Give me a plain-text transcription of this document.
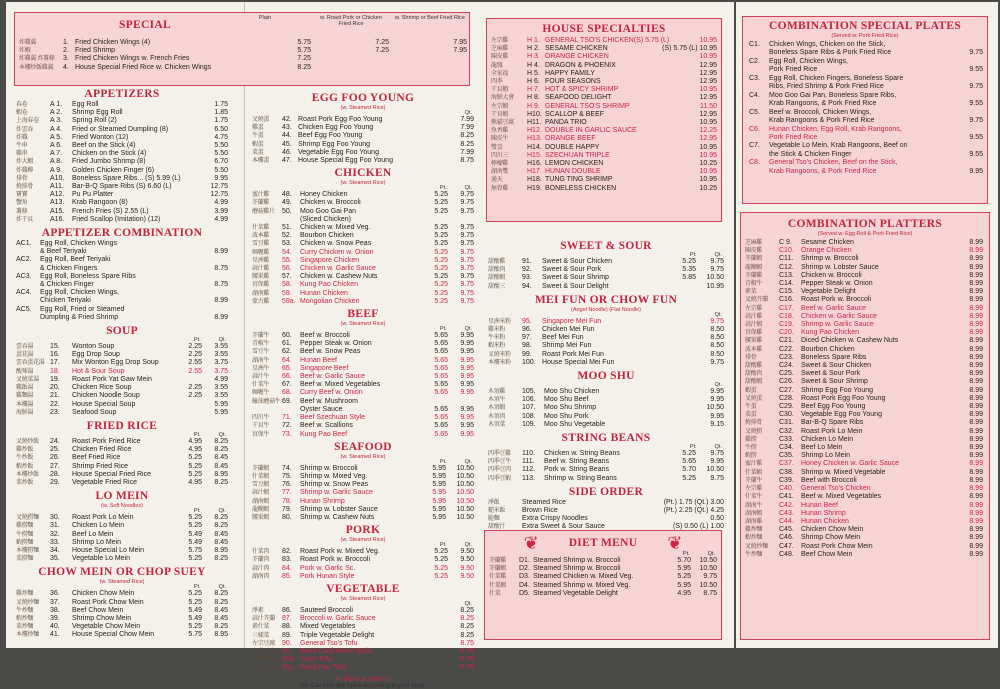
SPECIAL
Plain	w. Roast Pork or Chicken Fried Rice
w. Shrimp or Beef Fried Rice
炸雞翼	1. Fried Chicken Wings (4)	5.75	7.25	7.95
炸蝦	2. Fried Shrimp	5.75	7.25	7.95
炸雞翼 炸薯條	3. Fried Chicken Wings w. French Fries	7.25
本樓炒飯雞翼	4. House Special Fried Rice w. Chicken Wings	8.25
APPETIZERS
春卷	A 1.	Egg Roll	1.75
蝦卷	A 2.	Shrimp Egg Roll	1.85
上海春卷	A 3.	Spring Roll (2)	1.75
炸雲吞	A 4.	Fried or Steamed Dumpling (8)	6.50
炸雞	A 5.	Fried Wonton (12)	4.75
牛串	A 6.	Beef on the Stick (4)	5.50
雞串	A 7.	Chicken on the Stick (4)	5.50
炸大蝦	A 8.	Fried Jumbo Shrimp (8)	6.70
炸雞柳	A 9.	Golden Chicken Finger (6)	5.50
排骨	A10.	Boneless Spare Ribs... (S) 5.99 (L)	9.95
燒排骨	A11.	Bar-B-Q Spare Ribs (S) 6.60 (L)	12.75
寶寶	A12.	Pu Pu Platter	12.75
蟹角	A13.	Krab Rangoon (8)	4.99
薯條	A15.	French Fries (S) 2.55 (L)	3.99
炸干貝	A16.	Fried Scallop (Imitation) (12)	4.99
APPETIZER COMBINATION
AC1.	Egg Roll, Chicken Wings
& Beef Teriyaki	8.99
AC2.	Egg Roll, Beef Teriyaki
& Chicken Fingers	8.75
AC3.	Egg Roll, Boneless Spare Ribs
& Chicken Finger	8.75
AC4.	Egg Roll, Chicken Wings,
Chicken Teriyaki	8.99
AC5.	Egg Roll, Fried or Steamed
Dumpling & Fried Shrimp	8.99
SOUP
Pt.	Qt.
雲吞湯	15.	Wonton Soup	2.25	3.55
蛋花湯	16.	Egg Drop Soup	2.25	3.55
雲吞蛋花湯 17.	Mix Wonton Egg Drop Soup	2.55	3.75
酸辣湯	18.	Hot & Sour Soup	2.55	3.75
叉燒菜湯	19.	Roast Pork Yat Gaw Mein	4.99
雞飯湯	20.	Chicken Rice Soup	2.25	3.55
雞麵湯	21.	Chicken Noodle Soup	2.25	3.55
本樓湯	22.	House Special Soup	5.95
海鮮湯	23.	Seafood Soup	5.95
FRIED RICE
Pt.	Qt.
叉燒炒飯	24.	Roast Pork Fried Rice	4.95	8.25
雞炒飯	25.	Chicken Fried Rice	4.95	8.25
牛炒飯	26.	Beef Fried Rice	5.25	8.45
蝦炒飯	27.	Shrimp Fried Rice	5.25	8.45
本樓炒飯	28.	House Special Fried Rice	5.25	8.95
菜炒飯	29.	Vegetable Fried Rice	4.95	8.25
LO MEIN
(w. Soft Noodles)
Pt.	Qt.
叉燒撈麵	30.	Roast Pork Lo Mein	5.25	8.25
雞撈麵	31.	Chicken Lo Mein	5.25	8.25
牛撈麵	32.	Beef Lo Mein	5.49	8.45
蝦撈麵	33.	Shrimp Lo Mein	5.49	8.45
本樓撈麵	34.	House Special Lo Mein	5.75	8.95
菜撈麵	35.	Vegetable Lo Mein	5.25	8.25
CHOW MEIN OR CHOP SUEY
(w. Steamed Rice)
Pt.	Qt.
雞炒麵	36.	Chicken Chow Mein	5.25	8.25
叉燒炒麵	37.	Roast Pork Chow Mein	5.25	8.25
牛炒麵	38.	Beef Chow Mein	5.49	8.45
蝦炒麵	39.	Shrimp Chow Mein	5.49	8.45
菜炒麵	40.	Vegetable Chow Mein	5.25	8.25
本樓炒麵	41.	House Special Chow Mein	5.75	8.95
EGG FOO YOUNG
(w. Steamed Rice)
Qt.
叉燒蛋	42. Roast Pork Egg Foo Young	7.99
雞蛋	43. Chicken Egg Foo Young	7.99
牛蛋	44. Beef Egg Foo Young	8.25
蝦蛋	45. Shrimp Egg Foo Young	8.25
菜蛋	46. Vegetable Egg Foo Young	7.99
本樓蛋	47. House Special Egg Foo Young	8.75
CHICKEN
(w. Steamed Rice)
Pt.	Qt.
蜜汁雞	48.	Honey Chicken	5.25	9.75
芥蘭雞	49.	Chicken w. Broccoli	5.25	9.75
蘑菇雞片	50.	Moo Goo Gai Pan	5.25	9.75
(Sliced Chicken)
什菜雞	51.	Chicken w. Mixed Veg.	5.25	9.75
波本雞	52.	Bourbon Chicken	5.25	9.75
雪豆雞	53.	Chicken w. Snow Peas	5.25	9.75
咖喱雞	54.	Curry Chicken w. Onion	5.25	9.75
星洲雞	55.	Singapore Chicken	5.25	9.75
蒜汁雞	56.	Chicken w. Garlic Sauce	5.25	9.75
腰果雞	57.	Chicken w. Cashew Nuts	5.25	9.75
宮保雞	58.	Kung Pao Chicken	5.25	9.75
湖南雞	59.	Hunan Chicken	5.25	9.75
蒙古雞	59a. Mongolian Chicken	5.25	9.75
BEEF
(w. Steamed Rice)
Pt.	Qt.
芥蘭牛	60.	Beef w. Broccoli	5.65	9.95
青椒牛	61.	Pepper Steak w. Onion	5.65	9.95
雪豆牛	62.	Beef w. Snow Peas	5.65	9.95
湖南牛	64.	Hunan Beef	5.65	9.95
星洲牛	65.	Singapore Beef	5.65	9.95
蒜汁牛	66.	Beef w. Garlic Sauce	5.65	9.95
什菜牛	67.	Beef w. Mixed Vegetables	5.65	9.95
咖喱牛	68.	Curry Beef w. Onion	5.65	9.95
蠔油蘑菇牛 69.	Beef w. Mushroom
Oyster Sauce	5.65	9.95
四川牛	71.	Beef Szechuan Style	5.65	9.95
干貝牛	72.	Beef w. Scallions	5.65	9.95
宮保牛	73.	Kung Pao Beef	5.65	9.95
SEAFOOD
(w. Steamed Rice)
Pt.	Qt.
芥蘭蝦	74.	Shrimp w. Broccoli	5.95	10.50
什菜蝦	75.	Shrimp w. Mixed Veg.	5.95	10.50
雪豆蝦	76.	Shrimp w. Snow Peas	5.95	10.50
蒜汁蝦	77.	Shrimp w. Garlic Sauce	5.95	10.50
湖南蝦	78.	Hunan Shrimp	5.95	10.50
龍糊蝦	79.	Shrimp w. Lobster Sauce	5.95	10.50
腰果蝦	80.	Shrimp w. Cashew Nuts	5.95	10.50
PORK
(w. Steamed Rice)
Pt.	Qt.
什菜肉	82.	Roast Pork w. Mixed Veg.	5.25	9.50
芥蘭肉	83.	Roast Pork w. Broccoli	5.25	9.50
蒜汁肉	84.	Pork w. Garlic Sc.	5.25	9.50
湖南肉	85.	Pork Hunan Style	5.25	9.50
VEGETABLE
(w. Steamed Rice)
Qt.
淨素	86.	Sauteed Broccoli	8.25
蒜汁芥蘭	87.	Broccoli w. Garlic Sauce	8.25
素什菜	88.	Mixed Vegetables	8.25
三樣菜	89.	Triple Vegetable Delight	8.25
左宗豆腐	90.	General Tso's Tofu	8.75
家常豆腐	91.	Bean Curd Home Style	8.75
咖喱豆腐	91b. Curry Tofu	8.75
宮保豆腐	91c. Kung Pao Tofu	8.75
➷ HOT & SPICY
We Can Alter the Spice According to your taste.
HOUSE SPECIALTIES
左宗雞	H 1. GENERAL TSO'S CHICKEN(S) 5.75 (L)	10.95
芝麻雞	H 2. SESAME CHICKEN	(S) 5.75 (L) 10.95
陳皮雞	H 3. ORANGE CHICKEN	10.95
龍鳳	H 4. DRAGON & PHOENIX	12.95
全家福	H 5. HAPPY FAMILY	12.95
四季	H 6. FOUR SEASONS	12.95
干貝蝦	H 7. HOT & SPICY SHRIMP	10.95
海鮮大會	H 8. SEAFOOD DELIGHT	12.95
左宗蝦	H 9. GENERAL TSO'S SHRIMP	11.50
干貝蝦	H10. SCALLOP & BEEF	12.95
熊貓豆腐	H11. PANDA TRIO	10.95
魚香雞	H12. DOUBLE IN GARLIC SAUCE	12.25
陳皮牛	H13. ORANGE BEEF	12.95
雙喜	H14. DOUBLE HAPPY	10.95
四川三	H15. SZECHUAN TRIPLE	10.95
檸檬雞	H16. LEMON CHICKEN	10.25
湖南雙	H17. HUNAN DOUBLE	10.95
通天	H18. TUNG TING SHRIMP	10.95
無骨雞	H19. BONELESS CHICKEN	10.25
SWEET & SOUR
Pt.	Qt.
甜酸雞	91.	Sweet & Sour Chicken	5.25	9.75
甜酸肉	92.	Sweet & Sour Pork	5.35	9.75
甜酸蝦	93.	Sweet & Sour Shrimp	5.85	10.50
甜酸三	94.	Sweet & Sour Delight	10.95
MEI FUN OR CHOW FUN
(Angel Noodle) (Flat Noodle)
Qt.
星洲米粉	95.	Singapore Mei Fun	9.75
雞米粉	96.	Chicken Mei Fun	8.50
牛米粉	97.	Beef Mei Fun	8.50
蝦米粉	98.	Shrimp Mei Fun	8.50
叉燒米粉	99.	Roast Pork Mei Fun	8.50
本樓米粉	100. House Special Mei Fun	9.75
MOO SHU
Qt.
木須雞	105.	Moo Shu Chicken	9.95
木須牛	106.	Moo Shu Beef	9.95
木須蝦	107.	Moo Shu Shrimp	10.50
木須肉	108.	Moo Shu Pork	9.95
木須菜	109.	Moo Shu Vegetable	9.15
STRING BEANS
Pt.	Qt.
四季豆雞	110.	Chicken w. String Beans	5.25	9.75
四季豆牛	111.	Beef w. String Beans	5.65	9.95
四季豆肉	112.	Pork w. String Beans	5.70	10.50
四季豆蝦	113.	Shrimp w. String Beans	5.25	9.75
SIDE ORDER
淨飯	Steamed Rice	(Pt.) 1.75 (Qt.) 3.00
糙米飯	Brown Rice	(Pt.) 2.25 (Qt.) 4.25
脆麵	Extra Crispy Noodles	0.50
甜酸汁	Extra Sweet & Sour Sauce	(S) 0.50 (L) 1.00
❦	DIET MENU ❦
Pt.	Qt.
芥蘭雞	D1. Steamed Shrimp w. Broccoli	5.70	10.50
芥蘭蝦	D2. Steamed Shrimp w. Broccoli	5.95	10.50
什菜雞	D3. Steamed Chicken w. Mixed Veg.	5.25	9.75
什菜蝦	D4. Steamed Shrimp w. Mixed Veg.	5.95	10.50
什菜	D5. Steamed Vegetable Delight	4.95	8.75
COMBINATION SPECIAL PLATES
(Served w. Pork Fried Rice)
C1.	Chicken Wings, Chicken on the Stick,
Boneless Spare Ribs & Pork Fried Rice	9.75
C2.	Egg Roll, Chicken Wings,
Pork Fried Rice	9.55
C3.	Egg Roll, Chicken Fingers, Boneless Spare
Ribs, Fried Shrimp & Pork Fried Rice	9.75
C4.	Moo Goo Gai Pan, Boneless Spare Ribs,
Krab Rangoons, & Pork Fried Rice	9.55
C5.	Beef w. Broccoli, Chicken Wings,
Krab Rangoons & Pork Fried Rice	9.75
C6.	Hunan Chicken, Egg Roll, Krab Rangoons,
Pork Fried Rice	9.55
C7.	Vegetable Lo Mein, Krab Rangoons, Beef on
the Stick & Chicken Finger	9.55
C8.	General Tso's Chicken, Beef on the Stick,
Krab Rangoons, & Pork Fried Rice	9.95
COMBINATION PLATTERS
(Served w. Egg Roll & Pork Fried Rice)
芝麻雞	C 9.	Sesame Chicken	8.99
陳皮雞	C10.	Orange Chicken	8.99
芥蘭蝦	C11.	Shrimp w. Broccoli	8.99
龍糊蝦	C12.	Shrimp w. Lobster Sauce	8.99
芥蘭雞	C13.	Chicken w. Broccoli	8.99
青椒牛	C14.	Pepper Steak w. Onion	8.99
素菜	C15.	Vegetable Delight	8.99
叉燒芥蘭	C16.	Roast Pork w. Broccoli	8.99
左宗雞	C17.	Beef w. Garlic Sauce	8.99
蒜汁雞	C18.	Chicken w. Garlic Sauce	8.99
蒜汁蝦	C19.	Shrimp w. Garlic Sauce	8.99
宮保雞	C20.	Kung Pao Chicken	8.99
腰果雞	C21.	Diced Chicken w. Cashew Nuts	8.99
波本雞	C22.	Bourbon Chicken	8.99
排骨	C23.	Boneless Spare Ribs	8.99
甜酸雞	C24.	Sweet & Sour Chicken	8.99
甜酸肉	C25.	Sweet & Sour Pork	8.99
甜酸蝦	C26.	Sweet & Sour Shrimp	8.99
蝦蛋	C27.	Shrimp Egg Foo Young	8.99
叉燒蛋	C28.	Roast Pork Egg Foo Young	8.99
牛蛋	C29.	Beef Egg Foo Young	8.99
菜蛋	C30.	Vegetable Egg Foo Young	8.99
燒排骨	C31.	Bar-B-Q Spare Ribs	8.99
叉燒撈	C32.	Roast Pork Lo Mein	8.99
雞撈	C33.	Chicken Lo Mein	8.99
牛撈	C34.	Beef Lo Mein	8.99
蝦撈	C35.	Shrimp Lo Mein	8.99
蜜汁雞	C37.	Honey Chicken w. Garlic Sauce	8.99
什菜蝦	C38.	Shrimp w. Mixed Vegetable	8.99
芥蘭牛	C39.	Beef with Broccoli	8.99
左宗雞	C40.	General Tso's Chicken	8.99
什菜牛	C41.	Beef w. Mixed Vegetables	8.99
湖南牛	C42.	Hunan Beef	8.99
湖南蝦	C43.	Hunan Shrimp	8.99
湖南雞	C44.	Hunan Chicken	8.99
雞炒麵	C45.	Chicken Chow Mein	8.99
蝦炒麵	C46.	Shrimp Chow Mein	8.99
叉燒炒麵	C47.	Roast Pork Chow Mein	8.99
牛炒麵	C48.	Beef Chow Mein	8.99
